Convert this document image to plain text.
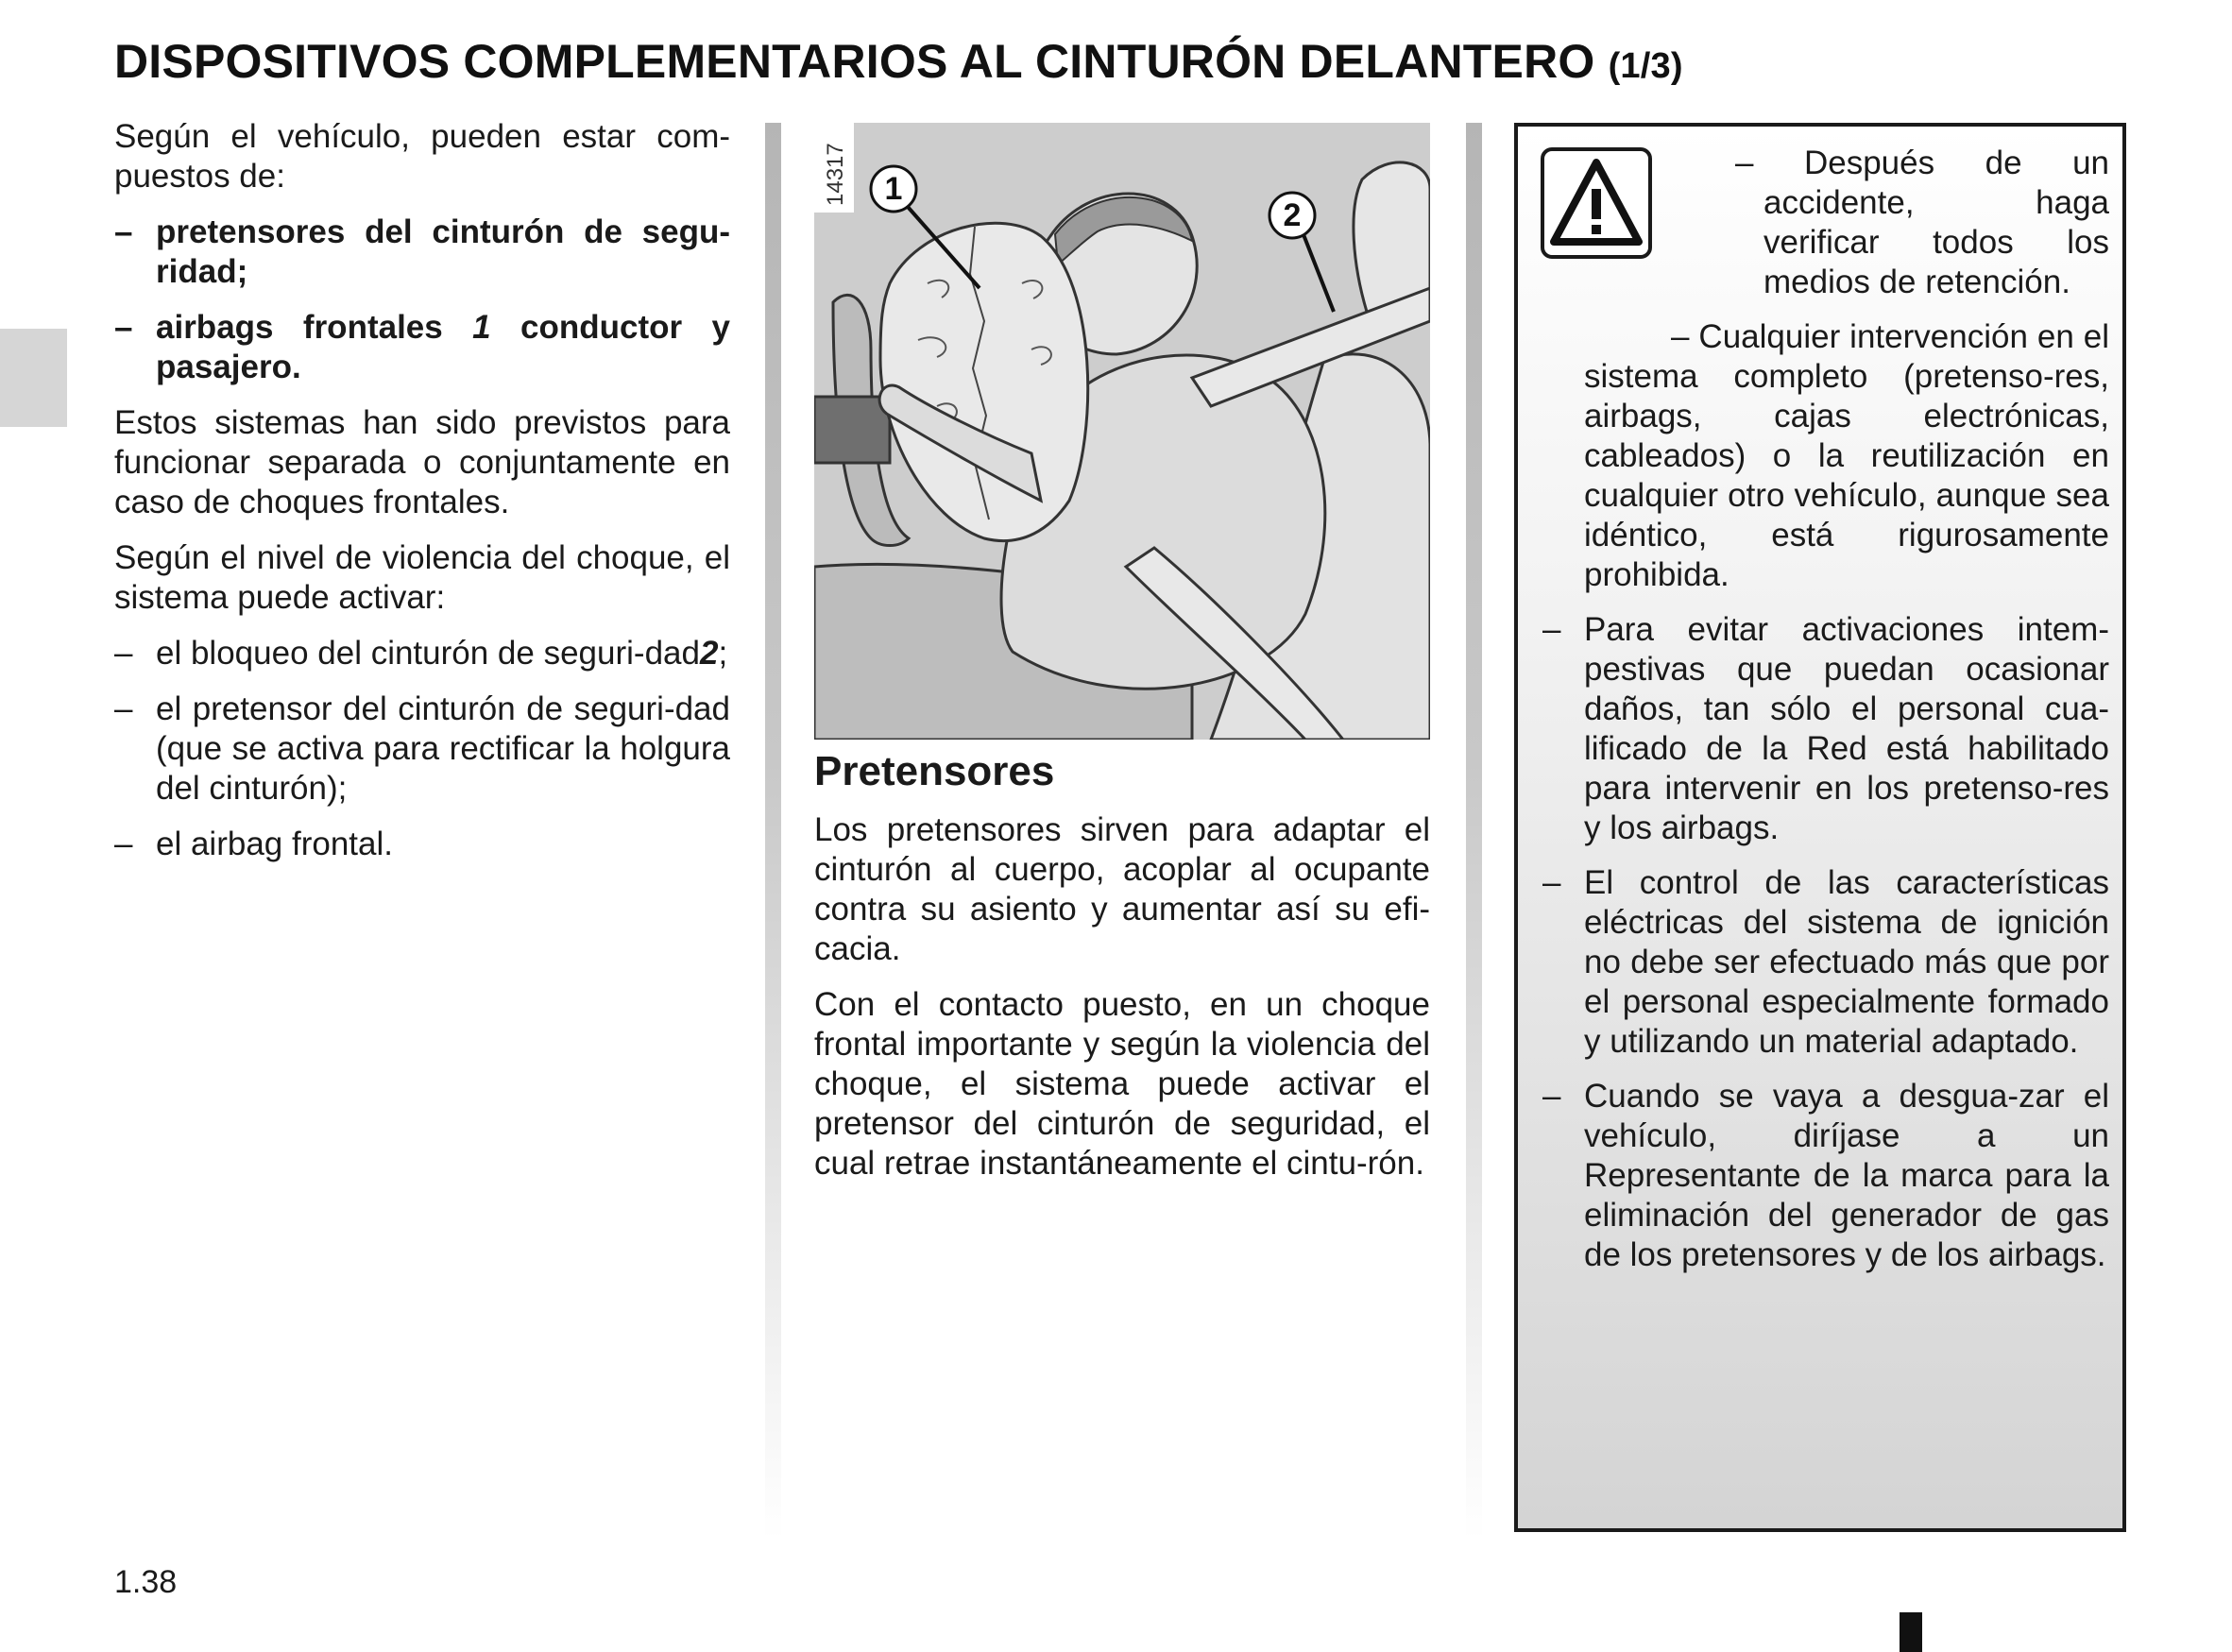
DISPOSITIVOS COMPLEMENTARIOS AL CINTURÓN DELANTERO (1/3)

Según el vehículo, pueden estar com-puestos de:

– pretensores del cinturón de segu-ridad;
– airbags frontales 1 conductor y pasajero.

Estos sistemas han sido previstos para funcionar separada o conjuntamente en caso de choques frontales.

Según el nivel de violencia del choque, el sistema puede activar:

– el bloqueo del cinturón de seguri-dad2;
– el pretensor del cinturón de seguri-dad (que se activa para rectificar la holgura del cinturón);
– el airbag frontal.
14317 1
2
Pretensores

Los pretensores sirven para adaptar el cinturón al cuerpo, acoplar al ocupante contra su asiento y aumentar así su efi-cacia.

Con el contacto puesto, en un choque frontal importante y según la violencia del choque, el sistema puede activar el pretensor del cinturón de seguridad, el cual retrae instantáneamente el cintu-rón.

– Después de un accidente, haga verificar todos los medios de retención.

– Cualquier intervención en el sistema completo (pretenso-res, airbags, cajas electrónicas, cableados) o la reutilización en cualquier otro vehículo, aunque sea idéntico, está rigurosamente prohibida.

– Para evitar activaciones intem-pestivas que puedan ocasionar daños, tan sólo el personal cua-lificado de la Red está habilitado para intervenir en los pretenso-res y los airbags.
– El control de las características eléctricas del sistema de ignición no debe ser efectuado más que por el personal especialmente formado y utilizando un material adaptado.
– Cuando se vaya a desgua-zar el vehículo, diríjase a un Representante de la marca para la eliminación del generador de gas de los pretensores y de los airbags.
1.38
